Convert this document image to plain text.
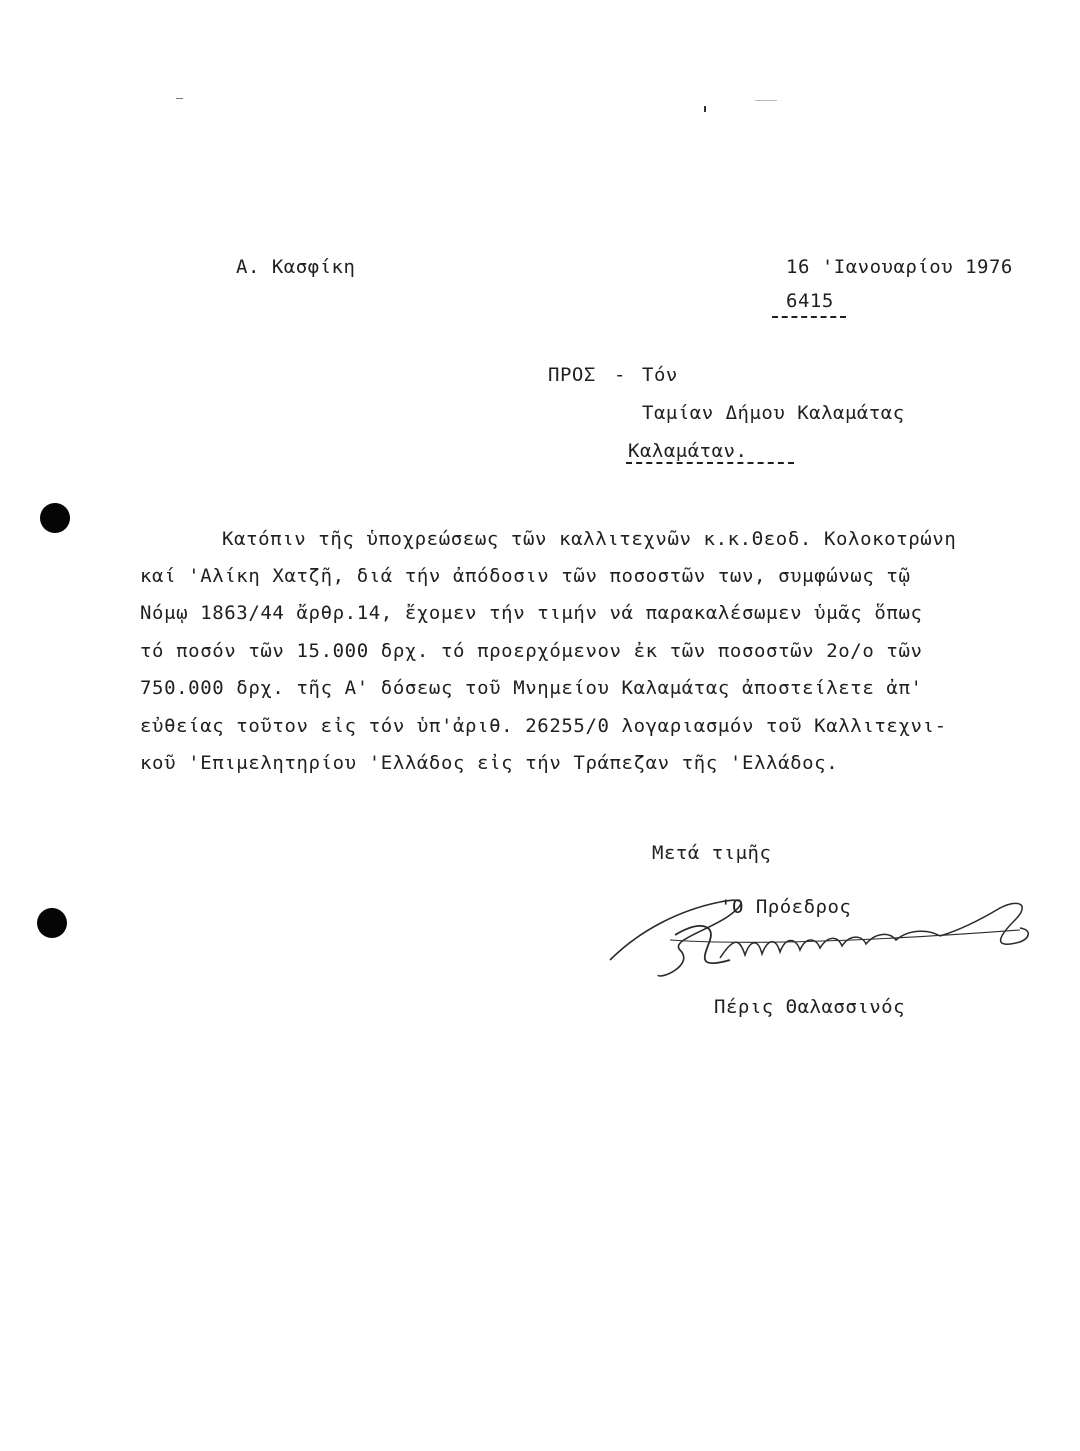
Α. Κασφίκη	16 'Ιανουαρίου 1976
6415
ΠΡΟΣ - Τόν
Ταμίαν Δήμου Καλαμάτας
Καλαμάταν.
Κατόπιν τῆς ὑποχρεώσεως τῶν καλλιτεχνῶν κ.κ.Θεοδ. Κολοκοτρώνη
καί 'Αλίκη Χατζῆ, διά τήν ἀπόδοσιν τῶν ποσοστῶν των, συμφώνως τῷ
Νόμῳ 1863/44 ἄρθρ.14, ἔχομεν τήν τιμήν νά παρακαλέσωμεν ὑμᾶς ὅπως
τό ποσόν τῶν 15.000 δρχ. τό προερχόμενον ἐκ τῶν ποσοστῶν 2ο/ο τῶν
750.000 δρχ. τῆς Α' δόσεως τοῦ Μνημείου Καλαμάτας ἀποστείλετε ἀπ'
εὐθείας τοῦτον εἰς τόν ὑπ'ἀριθ. 26255/0 λογαριασμόν τοῦ Καλλιτεχνι-
κοῦ 'Επιμελητηρίου 'Ελλάδος εἰς τήν Τράπεζαν τῆς 'Ελλάδος.
Μετά τιμῆς
'Ο Πρόεδρος
Πέρις Θαλασσινός
